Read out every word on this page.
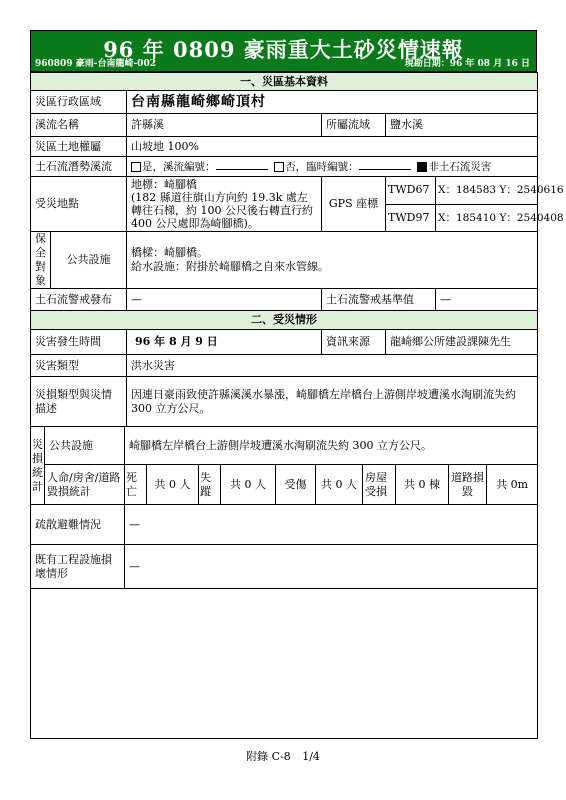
96 年 0809 豪雨重大土砂災情速報
960809 豪雨-台南龍崎-002	現勘日期：96 年 08 月 16 日
一、災區基本資料					
災區行政區域		台南縣龍崎鄉崎頂村			
溪流名稱		許縣溪	所屬流域	鹽水溪	
災區土地權屬		山坡地 100%			
土石流潛勢溪流		是，溪流編號： 否，臨時編號： 非土石流災害			
受災地點		地標：崎腳橋
(182 縣道往旗山方向約 19.3k 處左轉往石梯，約 100 公尺後右轉直行約 400 公尺處即為崎腳橋)。	GPS 座標	TWD67	X：184583 Y：2540616
				TWD97	X：185410 Y：2540408
保全對象	公共設施	橋樑：崎腳橋。
給水設施：附掛於崎腳橋之自來水管線。			

土石流警戒發布		—	土石流警戒基準值		—
二、受災情形					
災害發生時間		96 年 8 月 9 日	資訊來源	龍崎鄉公所建設課陳先生	
災害類型		洪水災害			
災損類型與災情描述		因連日豪雨致使許縣溪溪水暴漲，崎腳橋左岸橋台上游側岸坡遭溪水淘刷流失約 300 立方公尺。			
災損統計	公共設施	崎腳橋左岸橋台上游側岸坡遭溪水淘刷流失約 300 立方公尺。									
	人命/房舍/道路毀損統計	死亡	共 0 人	失蹤	共 0 人	受傷	共 0 人	房屋受損	共 0 棟	道路損毀	共 0m
疏散避難情況		—									
既有工程設施損壞情形		—									

附錄 C-8 1/4
